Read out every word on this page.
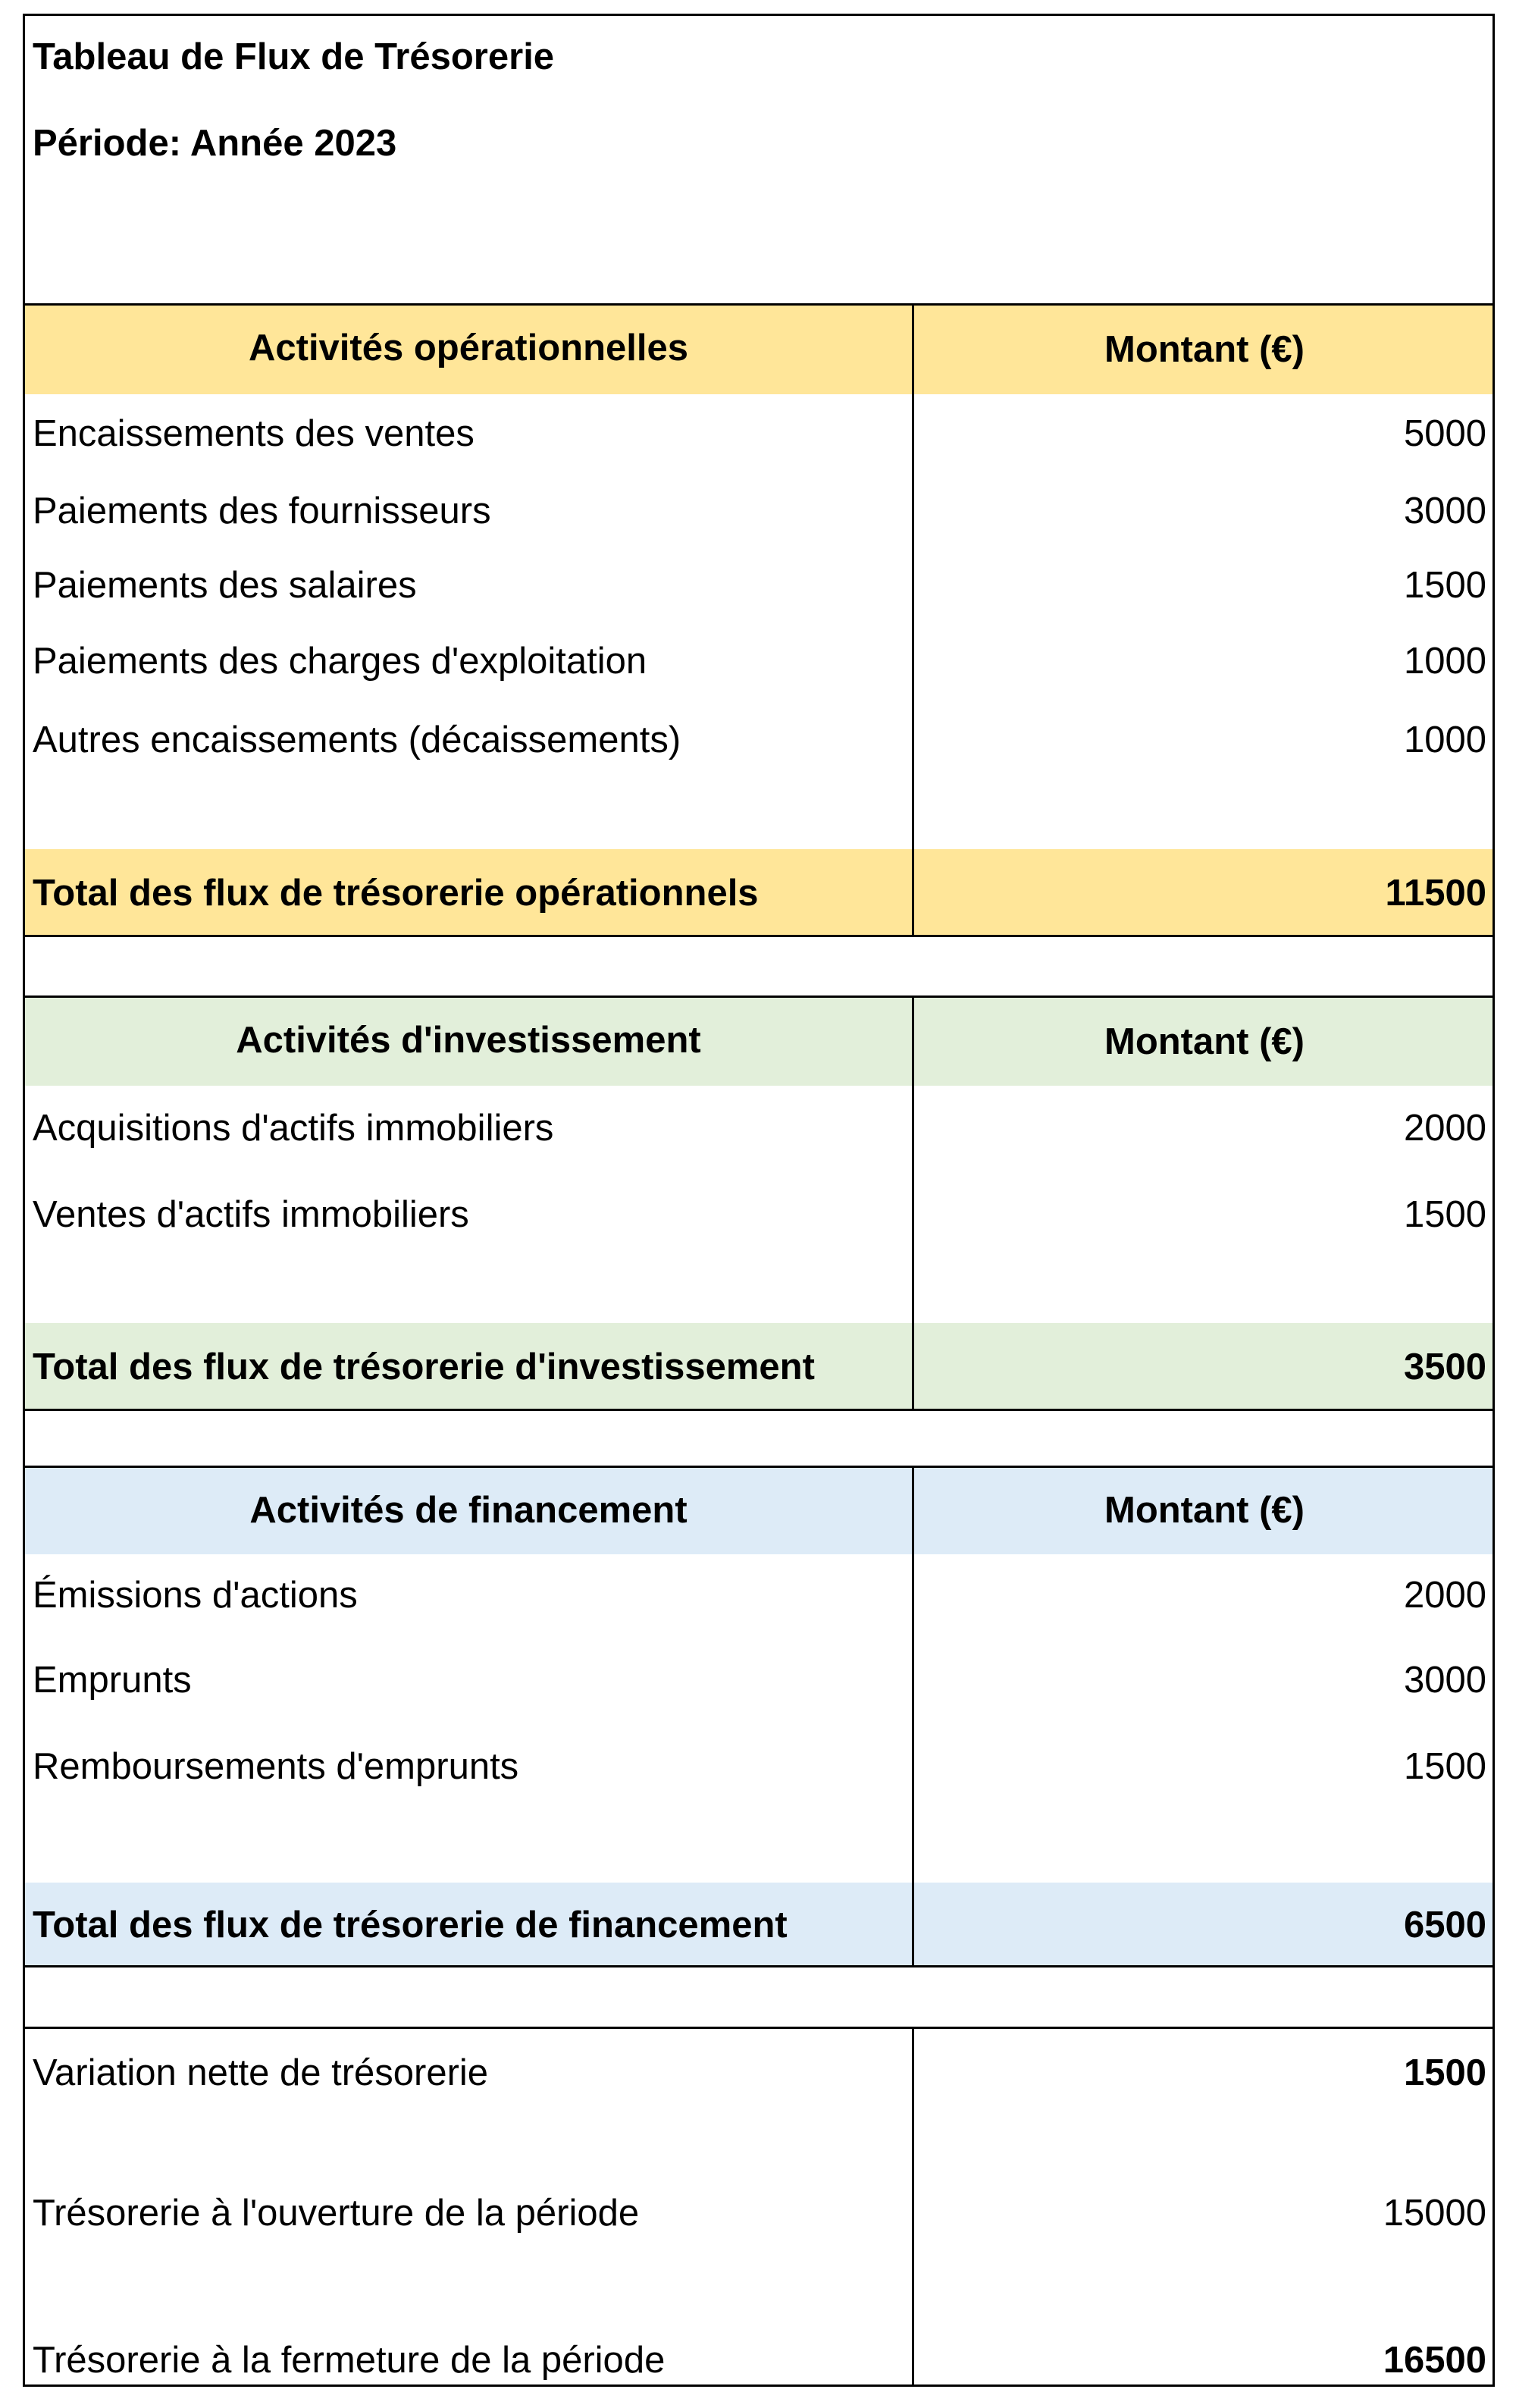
Tableau de Flux de Trésorerie
Période: Année 2023
Activités opérationnelles	Montant (€)
Encaissements des ventes	5000
Paiements des fournisseurs	3000
Paiements des salaires	1500
Paiements des charges d'exploitation	1000
Autres encaissements (décaissements)	1000
Total des flux de trésorerie opérationnels	11500
Activités d'investissement	Montant (€)
Acquisitions d'actifs immobiliers	2000
Ventes d'actifs immobiliers	1500
Total des flux de trésorerie d'investissement	3500
Activités de financement	Montant (€)
Émissions d'actions	2000
Emprunts	3000
Remboursements d'emprunts	1500
Total des flux de trésorerie de financement	6500
Variation nette de trésorerie	1500
Trésorerie à l'ouverture de la période	15000
Trésorerie à la fermeture de la période	16500
